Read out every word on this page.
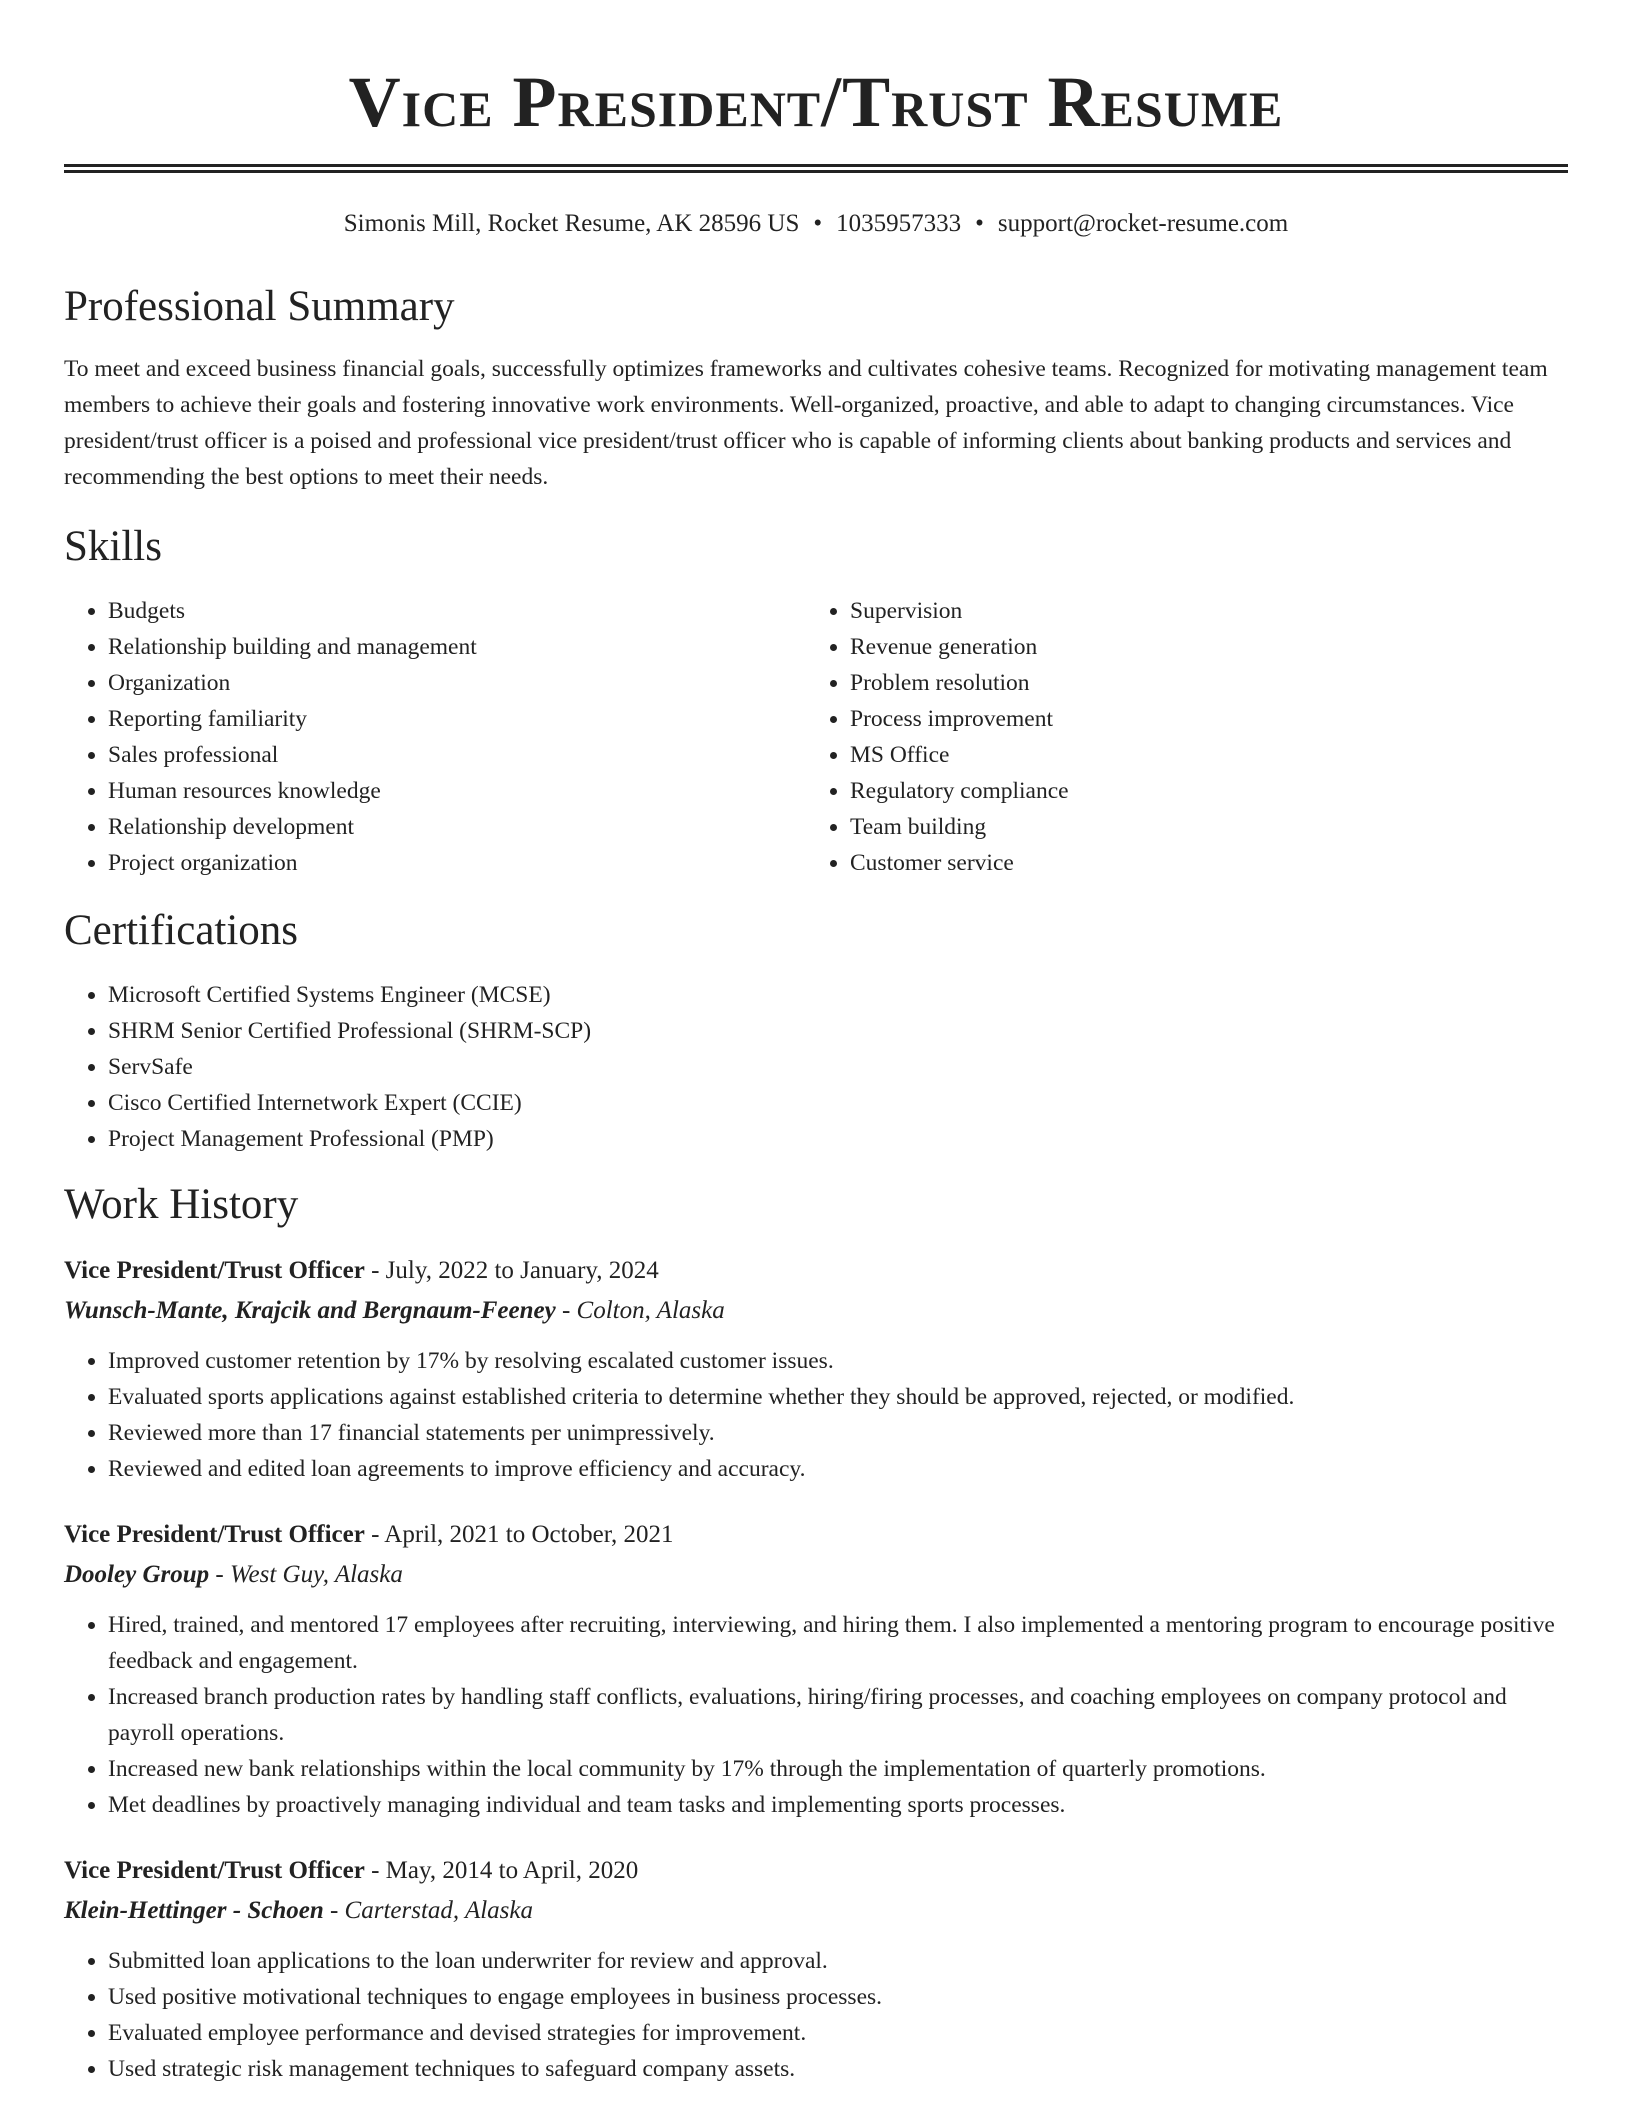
Vice President/Trust Resume
Simonis Mill, Rocket Resume, AK 28596 US • 1035957333 • support@rocket-resume.com
Professional Summary

To meet and exceed business financial goals, successfully optimizes frameworks and cultivates cohesive teams. Recognized for motivating management team members to achieve their goals and fostering innovative work environments. Well-organized, proactive, and able to adapt to changing circumstances. Vice president/trust officer is a poised and professional vice president/trust officer who is capable of informing clients about banking products and services and recommending the best options to meet their needs.

Skills
• Budgets
• Relationship building and management
• Organization
• Reporting familiarity
• Sales professional
• Human resources knowledge
• Relationship development
• Project organization
• Supervision
• Revenue generation
• Problem resolution
• Process improvement
• MS Office
• Regulatory compliance
• Team building
• Customer service
Certifications
• Microsoft Certified Systems Engineer (MCSE)
• SHRM Senior Certified Professional (SHRM-SCP)
• ServSafe
• Cisco Certified Internetwork Expert (CCIE)
• Project Management Professional (PMP)
Work History
Vice President/Trust Officer - July, 2022 to January, 2024
Wunsch-Mante, Krajcik and Bergnaum-Feeney - Colton, Alaska
• Improved customer retention by 17% by resolving escalated customer issues.
• Evaluated sports applications against established criteria to determine whether they should be approved, rejected, or modified.
• Reviewed more than 17 financial statements per unimpressively.
• Reviewed and edited loan agreements to improve efficiency and accuracy.
Vice President/Trust Officer - April, 2021 to October, 2021
Dooley Group - West Guy, Alaska
• Hired, trained, and mentored 17 employees after recruiting, interviewing, and hiring them. I also implemented a mentoring program to encourage positive feedback and engagement.
• Increased branch production rates by handling staff conflicts, evaluations, hiring/firing processes, and coaching employees on company protocol and payroll operations.
• Increased new bank relationships within the local community by 17% through the implementation of quarterly promotions.
• Met deadlines by proactively managing individual and team tasks and implementing sports processes.
Vice President/Trust Officer - May, 2014 to April, 2020
Klein-Hettinger - Schoen - Carterstad, Alaska
• Submitted loan applications to the loan underwriter for review and approval.
• Used positive motivational techniques to engage employees in business processes.
• Evaluated employee performance and devised strategies for improvement.
• Used strategic risk management techniques to safeguard company assets.
